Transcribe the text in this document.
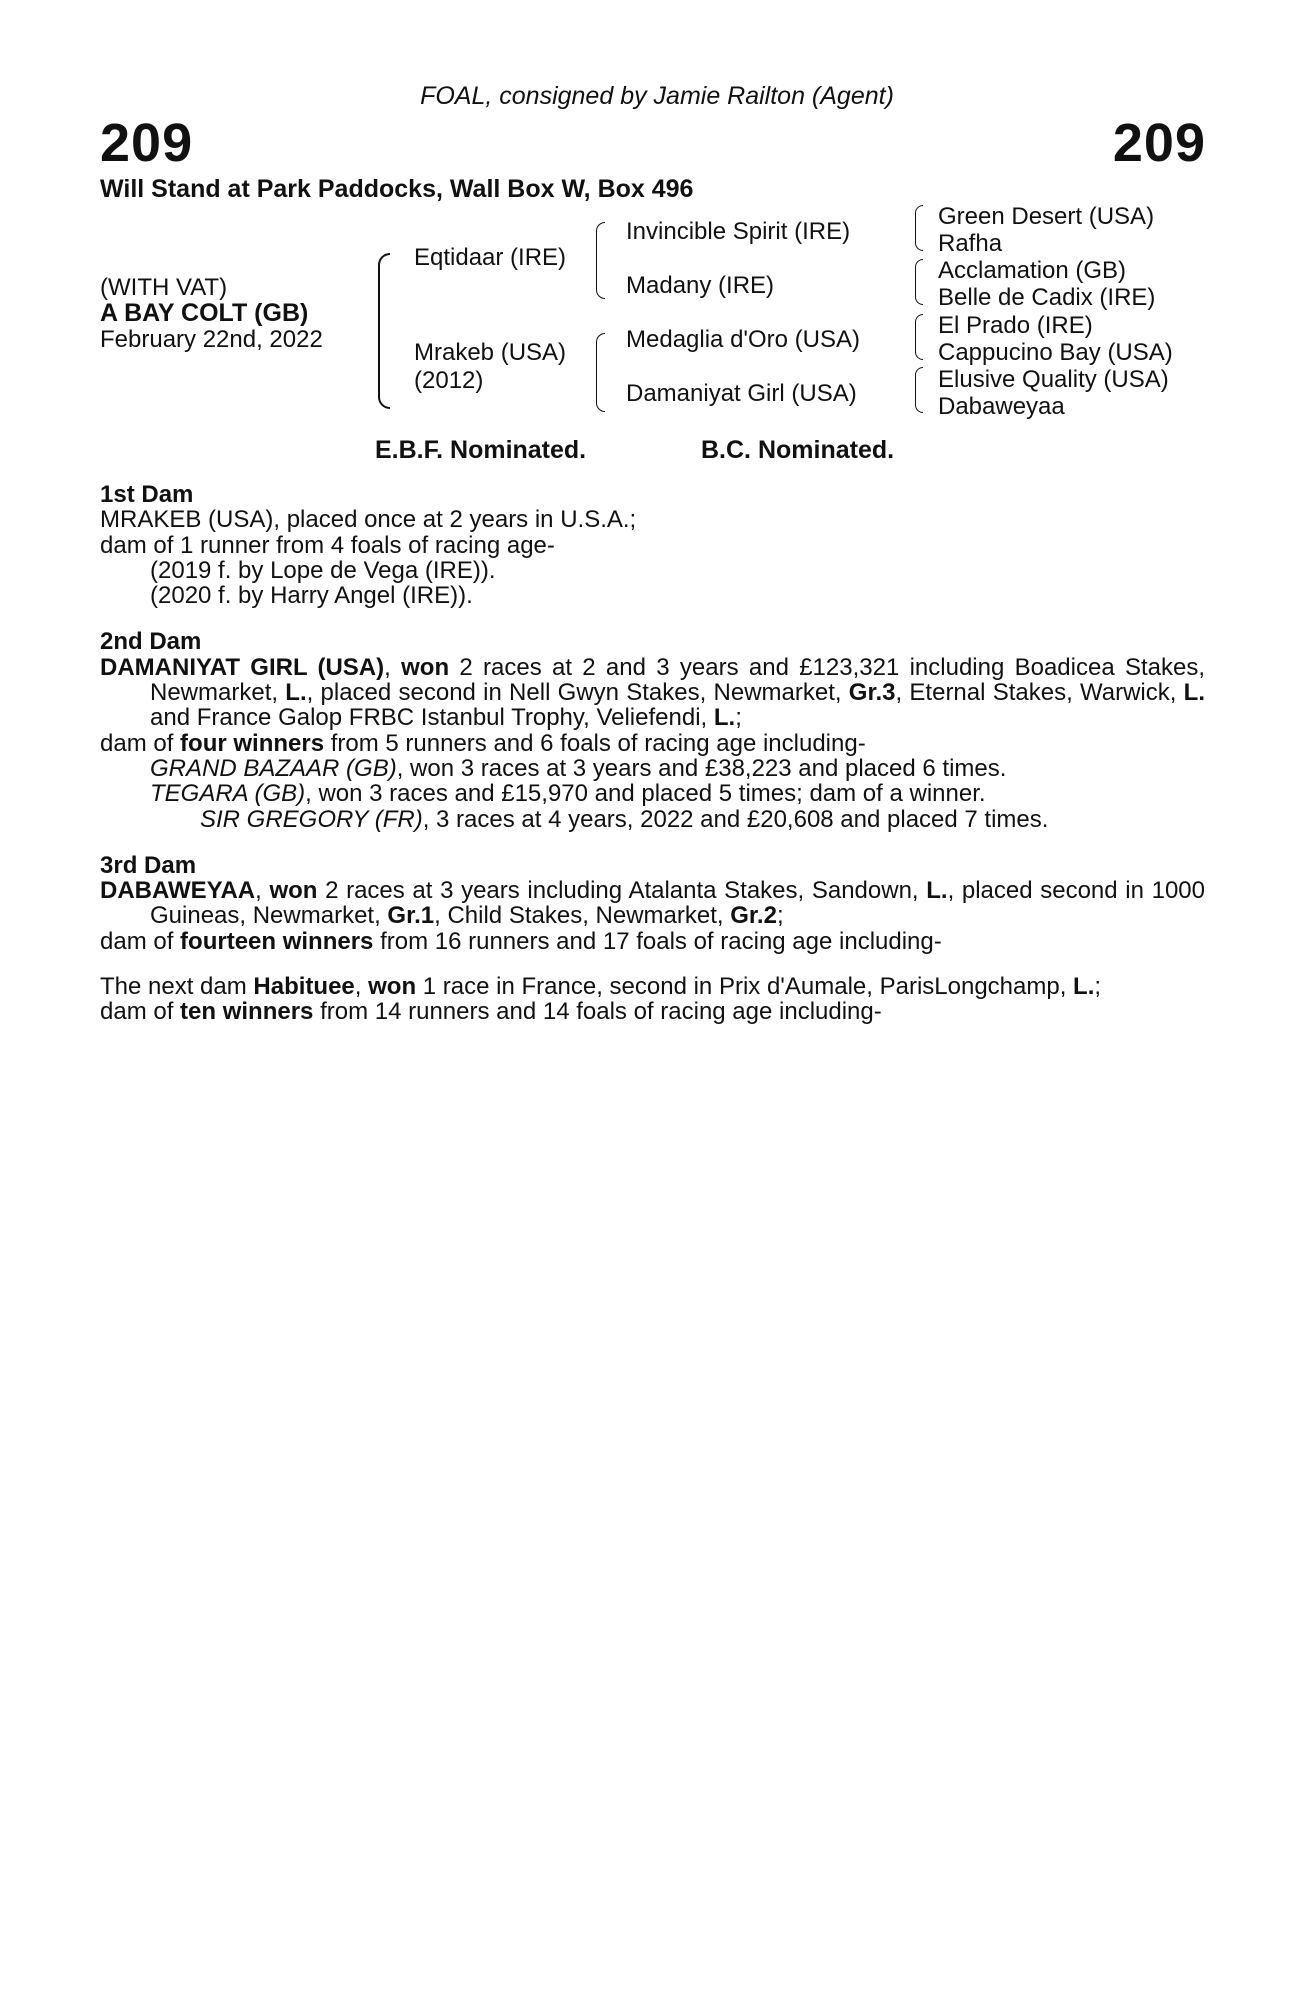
FOAL, consigned by Jamie Railton (Agent)
209	209
Will Stand at Park Paddocks, Wall Box W, Box 496
(WITH VAT)
A BAY COLT (GB)
February 22nd, 2022
Eqtidaar (IRE)
Mrakeb (USA)
(2012)
Invincible Spirit (IRE)
Madany (IRE)
Medaglia d'Oro (USA)
Damaniyat Girl (USA)
Green Desert (USA)
Rafha
Acclamation (GB)
Belle de Cadix (IRE)
El Prado (IRE)
Cappucino Bay (USA)
Elusive Quality (USA)
Dabaweyaa
E.B.F. Nominated.	B.C. Nominated.
1st Dam

MRAKEB (USA), placed once at 2 years in U.S.A.;

dam of 1 runner from 4 foals of racing age-

(2019 f. by Lope de Vega (IRE)).

(2020 f. by Harry Angel (IRE)).

2nd Dam

DAMANIYAT GIRL (USA), won 2 races at 2 and 3 years and £123,321 including Boadicea Stakes, Newmarket, L., placed second in Nell Gwyn Stakes, Newmarket, Gr.3, Eternal Stakes, Warwick, L. and France Galop FRBC Istanbul Trophy, Veliefendi, L.;

dam of four winners from 5 runners and 6 foals of racing age including-

GRAND BAZAAR (GB), won 3 races at 3 years and £38,223 and placed 6 times.

TEGARA (GB), won 3 races and £15,970 and placed 5 times; dam of a winner.

SIR GREGORY (FR), 3 races at 4 years, 2022 and £20,608 and placed 7 times.

3rd Dam

DABAWEYAA, won 2 races at 3 years including Atalanta Stakes, Sandown, L., placed second in 1000 Guineas, Newmarket, Gr.1, Child Stakes, Newmarket, Gr.2;

dam of fourteen winners from 16 runners and 17 foals of racing age including-

The next dam Habituee, won 1 race in France, second in Prix d'Aumale, ParisLongchamp, L.;

dam of ten winners from 14 runners and 14 foals of racing age including-
